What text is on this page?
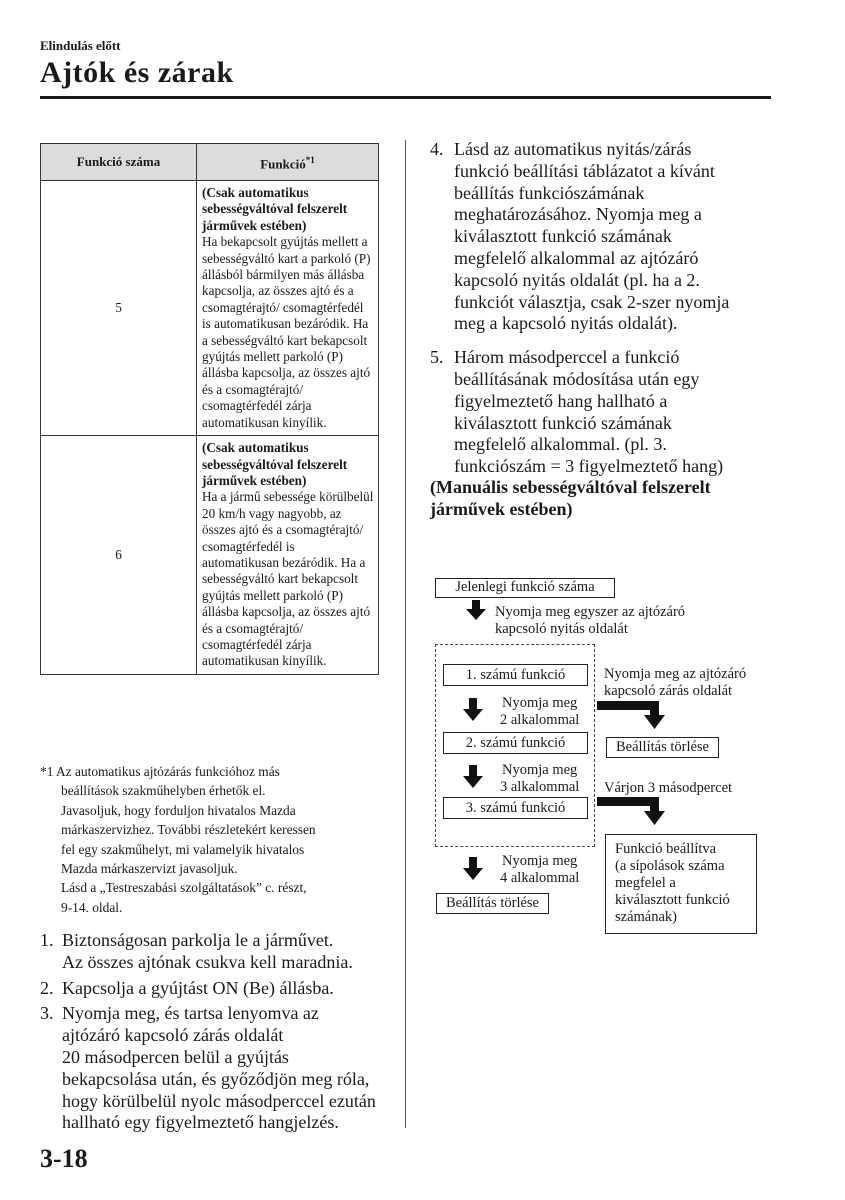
Elindulás előtt
Ajtók és zárak
Funkció száma	Funkció$^{*1}$
5	(Csak automatikus sebességváltóval felszerelt járművek estében)
Ha bekapcsolt gyújtás mellett a sebességváltó kart a parkoló (P) állásból bármilyen más állásba kapcsolja, az összes ajtó és a csomagtérajtó/ csomagtérfedél is automatikusan bezáródik. Ha a sebességváltó kart bekapcsolt gyújtás mellett parkoló (P) állásba kapcsolja, az összes ajtó és a csomagtérajtó/ csomagtérfedél zárja automatikusan kinyílik.

6	(Csak automatikus sebességváltóval felszerelt járművek estében)
Ha a jármű sebessége körülbelül 20 km/h vagy nagyobb, az összes ajtó és a csomagtérajtó/ csomagtérfedél is automatikusan bezáródik. Ha a sebességváltó kart bekapcsolt gyújtás mellett parkoló (P) állásba kapcsolja, az összes ajtó és a csomagtérajtó/ csomagtérfedél zárja automatikusan kinyílik.
*1 Az automatikus ajtózárás funkcióhoz más
beállítások szakműhelyben érhetők el.
Javasoljuk, hogy forduljon hivatalos Mazda
márkaszervizhez. További részletekért keressen
fel egy szakműhelyt, mi valamelyik hivatalos
Mazda márkaszervizt javasoljuk.
Lásd a „Testreszabási szolgáltatások” c. részt,
9-14. oldal.
1. Biztonságosan parkolja le a járművet.
Az összes ajtónak csukva kell maradnia.
2. Kapcsolja a gyújtást ON (Be) állásba.
3. Nyomja meg, és tartsa lenyomva az
ajtózáró kapcsoló zárás oldalát
20 másodpercen belül a gyújtás
bekapcsolása után, és győződjön meg róla,
hogy körülbelül nyolc másodperccel ezután
hallható egy figyelmeztető hangjelzés.
4. Lásd az automatikus nyitás/zárás
funkció beállítási táblázatot a kívánt
beállítás funkciószámának
meghatározásához. Nyomja meg a
kiválasztott funkció számának
megfelelő alkalommal az ajtózáró
kapcsoló nyitás oldalát (pl. ha a 2.
funkciót választja, csak 2-szer nyomja
meg a kapcsoló nyitás oldalát).
5. Három másodperccel a funkció
beállításának módosítása után egy
figyelmeztető hang hallható a
kiválasztott funkció számának
megfelelő alkalommal. (pl. 3.
funkciószám = 3 figyelmeztető hang)
(Manuális sebességváltóval felszerelt
járművek estében)
Jelenlegi funkció száma
Nyomja meg egyszer az ajtózáró
kapcsoló nyitás oldalát
1. számú funkció
Nyomja meg
2 alkalommal
2. számú funkció
Nyomja meg
3 alkalommal
3. számú funkció
Nyomja meg
4 alkalommal
Beállítás törlése
Nyomja meg az ajtózáró
kapcsoló zárás oldalát
Beállítás törlése
Várjon 3 másodpercet
Funkció beállítva
(a sípolások száma
megfelel a
kiválasztott funkció
számának)
3-18
